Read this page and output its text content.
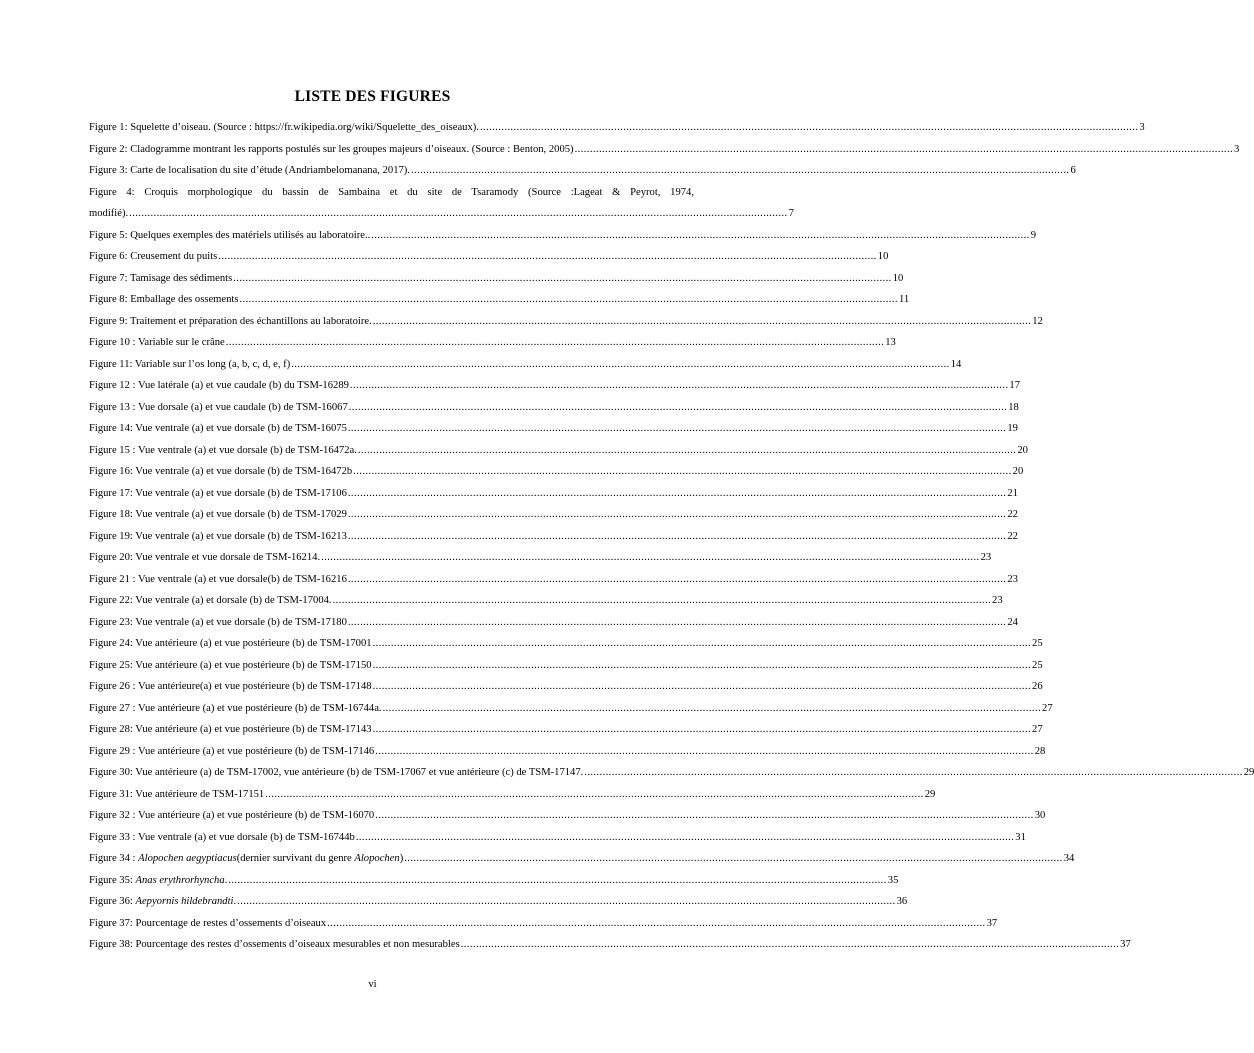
LISTE DES FIGURES
Figure 1: Squelette d’oiseau. (Source : https://fr.wikipedia.org/wiki/Squelette_des_oiseaux). .....	3
Figure 2: Cladogramme montrant les rapports postulés sur les groupes majeurs d’oiseaux. (Source : Benton, 2005) .....	3
Figure 3: Carte de localisation du site d’étude (Andriambelomanana, 2017). .....	6
Figure 4: Croquis morphologique du bassin de Sambaina et du site de Tsaramody (Source :Lageat & Peyrot, 1974,
modifié). .....	7
Figure 5: Quelques exemples des matériels utilisés au laboratoire.. .....	9
Figure 6: Creusement du puits .....	10
Figure 7: Tamisage des sédiments .....	10
Figure 8: Emballage des ossements .....	11
Figure 9: Traitement et préparation des échantillons au laboratoire. .....	12
Figure 10 : Variable sur le crâne .....	13
Figure 11: Variable sur l’os long (a, b, c, d, e, f) .....	14
Figure 12 : Vue latérale (a) et vue caudale (b) du TSM-16289 .....	17
Figure 13 : Vue dorsale (a) et vue caudale (b) de TSM-16067 .....	18
Figure 14: Vue ventrale (a) et vue dorsale (b) de TSM-16075 .....	19
Figure 15 : Vue ventrale (a) et vue dorsale (b) de TSM-16472a. .....	20
Figure 16: Vue ventrale (a) et vue dorsale (b) de TSM-16472b .....	20
Figure 17: Vue ventrale (a) et vue dorsale (b) de TSM-17106 .....	21
Figure 18: Vue ventrale (a) et vue dorsale (b) de TSM-17029 .....	22
Figure 19: Vue ventrale (a) et vue dorsale (b) de TSM-16213 .....	22
Figure 20: Vue ventrale et vue dorsale de TSM-16214. .....	23
Figure 21 : Vue ventrale (a) et vue dorsale(b) de TSM-16216 .....	23
Figure 22: Vue ventrale (a) et dorsale (b) de TSM-17004. .....	23
Figure 23: Vue ventrale (a) et vue dorsale (b) de TSM-17180 .....	24
Figure 24: Vue antérieure (a) et vue postérieure (b) de TSM-17001 .....	25
Figure 25: Vue antérieure (a) et vue postérieure (b) de TSM-17150 .....	25
Figure 26 : Vue antérieure(a) et vue postérieure (b) de TSM-17148 .....	26
Figure 27 : Vue antérieure (a) et vue postérieure (b) de TSM-16744a. .....	27
Figure 28: Vue antérieure (a) et vue postérieure (b) de TSM-17143 .....	27
Figure 29 : Vue antérieure (a) et vue postérieure (b) de TSM-17146 .....	28
Figure 30: Vue antérieure (a) de TSM-17002, vue antérieure (b) de TSM-17067 et vue antérieure (c) de TSM-17147. .....	29
Figure 31: Vue antérieure de TSM-17151 .....	29
Figure 32 : Vue antérieure (a) et vue postérieure (b) de TSM-16070 .....	30
Figure 33 : Vue ventrale (a) et vue dorsale (b) de TSM-16744b .....	31
Figure 34 : Alopochen aegyptiacus(dernier survivant du genre Alopochen) .....	34
Figure 35: Anas erythrorhyncha. .....	35
Figure 36: Aepyornis hildebrandti. .....	36
Figure 37: Pourcentage de restes d’ossements d’oiseaux .....	37
Figure 38: Pourcentage des restes d’ossements d’oiseaux mesurables et non mesurables .....	37
vi
